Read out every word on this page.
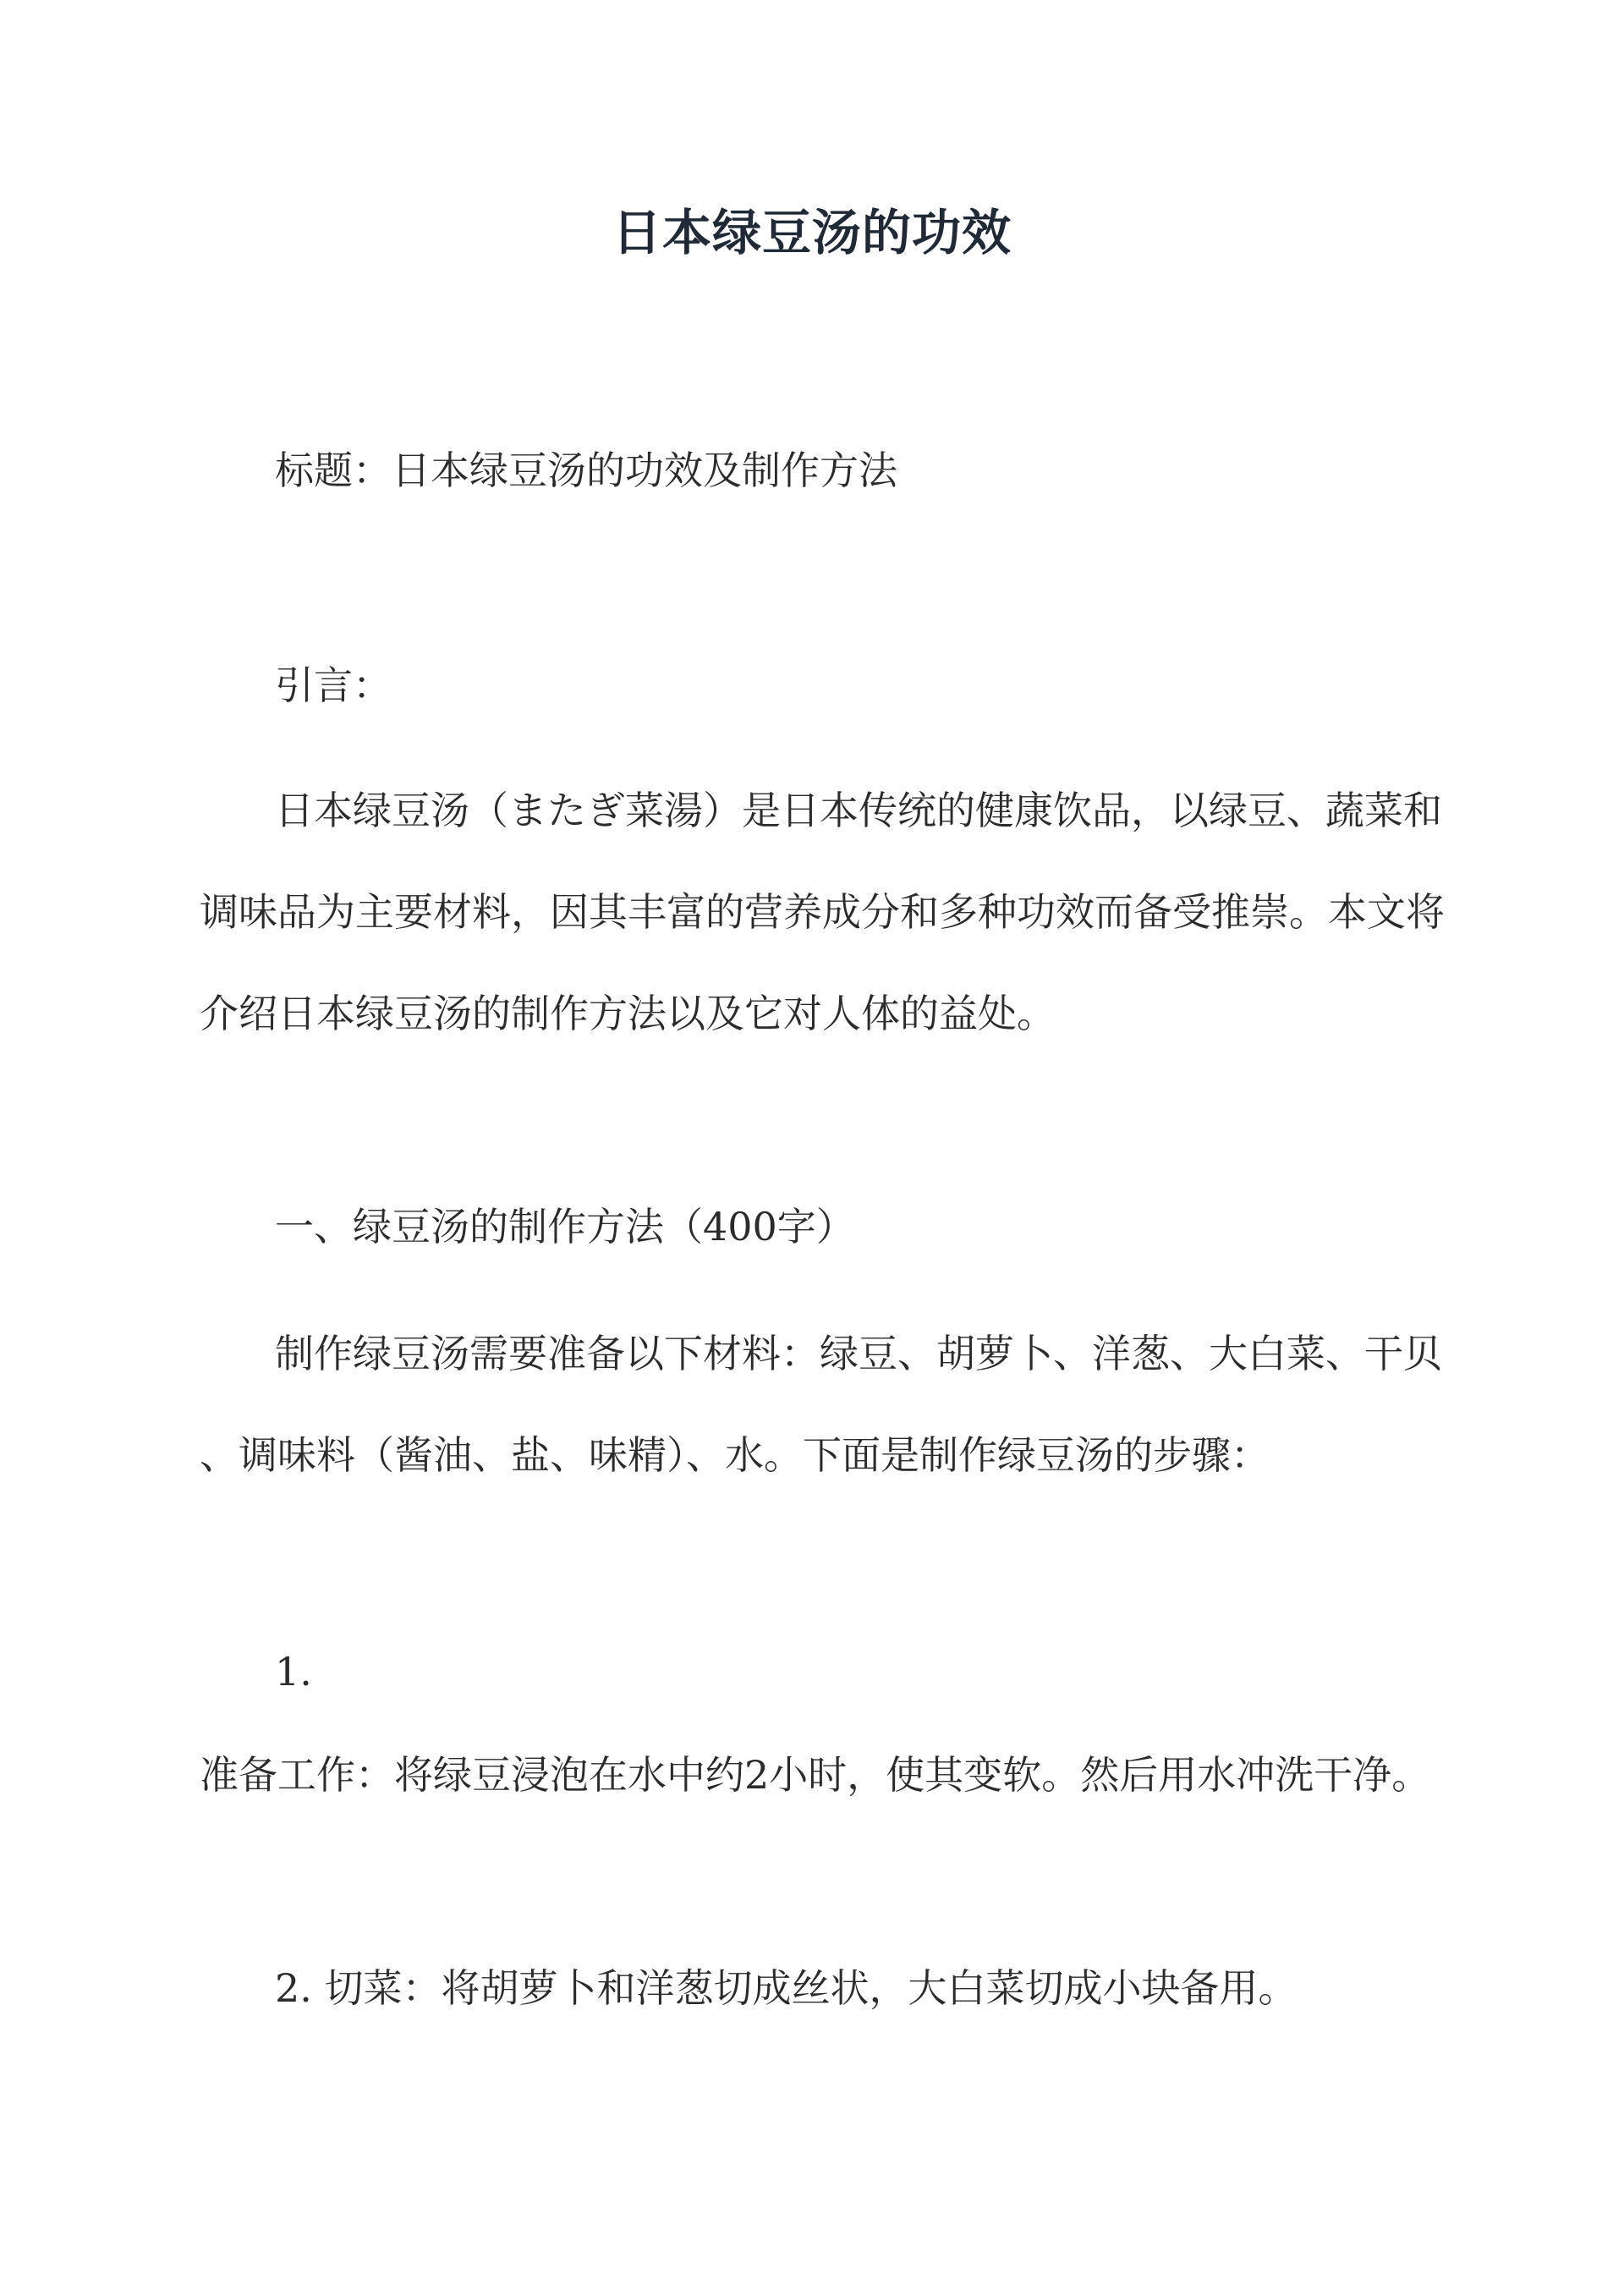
日本绿豆汤的功效
标题：日本绿豆汤的功效及制作方法
引言：
日本绿豆汤（またぎ菜湯）是日本传统的健康饮品，以绿豆、蔬菜和
调味品为主要材料，因其丰富的营养成分和多种功效而备受推崇。本文将
介绍日本绿豆汤的制作方法以及它对人体的益处。
一、绿豆汤的制作方法（400字）
制作绿豆汤需要准备以下材料：绿豆、胡萝卜、洋葱、大白菜、干贝
、调味料（酱油、盐、味精）、水。下面是制作绿豆汤的步骤：
1.
准备工作：将绿豆浸泡在水中约2小时，使其变软。然后用水冲洗干净。
2. 切菜：将胡萝卜和洋葱切成丝状，大白菜切成小块备用。
